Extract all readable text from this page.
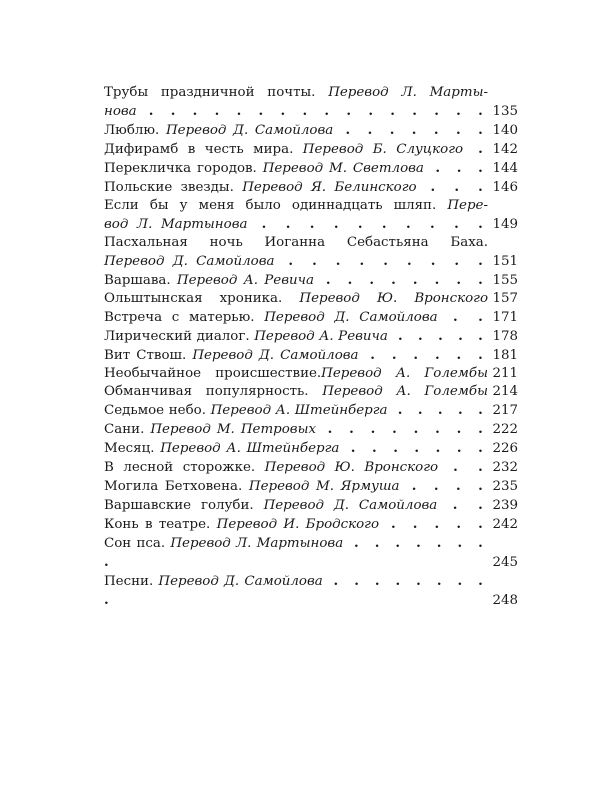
Трубы праздничной почты. Перевод Л. Марты-
нова . . . . . . . . . . . . . . . . 135
Люблю. Перевод Д. Самойлова . . . . . . . 140
Дифирамб в честь мира. Перевод Б. Слуцкого . 142
Перекличка городов. Перевод М. Светлова . . . 144
Польские звезды. Перевод Я. Белинского . . . 146
Если бы у меня было одиннадцать шляп. Пере-
вод Л. Мартынова . . . . . . . . . . 149
Пасхальная ночь Иоганна Себастьяна Баха.
Перевод Д. Самойлова . . . . . . . . . 151
Варшава. Перевод А. Ревича . . . . . . . . 155
Ольштынская хроника. Перевод Ю. Вронского 157
Встреча с матерью. Перевод Д. Самойлова . . 171
Лирический диалог. Перевод А. Ревича . . . . . 178
Вит Ствош. Перевод Д. Самойлова . . . . . . 181
Необычайное происшествие.Перевод А. Голембы 211
Обманчивая популярность. Перевод А. Голембы 214
Седьмое небо. Перевод А. Штейнберга . . . . . 217
Сани. Перевод М. Петровых . . . . . . . . 222
Месяц. Перевод А. Штейнберга . . . . . . . 226
В лесной сторожке. Перевод Ю. Вронского . . 232
Могила Бетховена. Перевод М. Ярмуша . . . . 235
Варшавские голуби. Перевод Д. Самойлова . . 239
Конь в театре. Перевод И. Бродского . . . . . 242
Сон пса. Перевод Л. Мартынова . . . . . . . .	245
Песни. Перевод Д. Самойлова . . . . . . . . .	248
